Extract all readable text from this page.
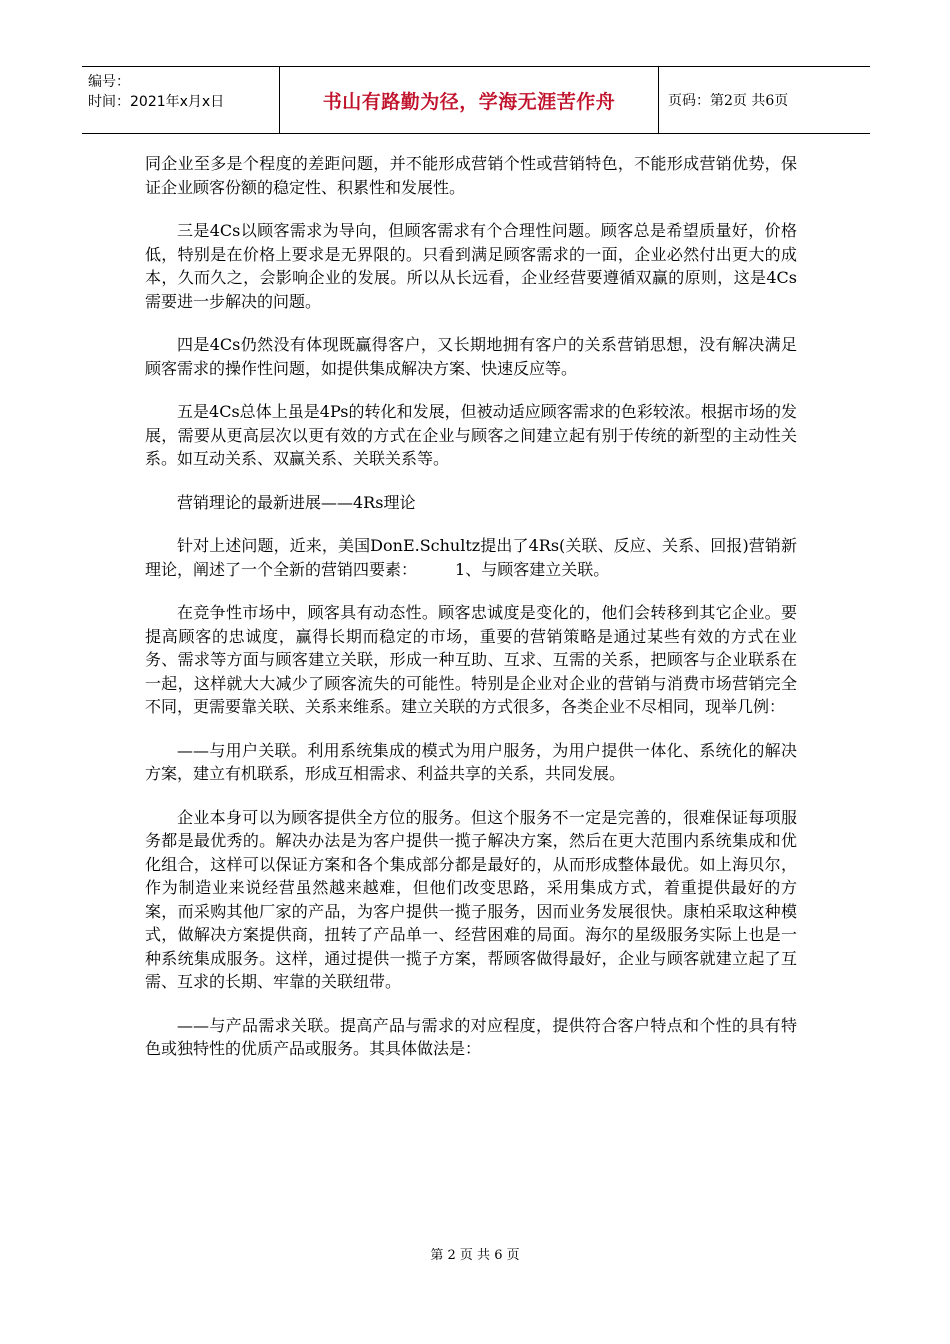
编号：
时间：2021年x月x日	书山有路勤为径，学海无涯苦作舟	页码：第2页 共6页

同企业至多是个程度的差距问题，并不能形成营销个性或营销特色，不能形成营销优势，保证企业顾客份额的稳定性、积累性和发展性。

三是4Cs以顾客需求为导向，但顾客需求有个合理性问题。顾客总是希望质量好，价格低，特别是在价格上要求是无界限的。只看到满足顾客需求的一面，企业必然付出更大的成本，久而久之，会影响企业的发展。所以从长远看，企业经营要遵循双赢的原则，这是4Cs需要进一步解决的问题。

四是4Cs仍然没有体现既赢得客户，又长期地拥有客户的关系营销思想，没有解决满足顾客需求的操作性问题，如提供集成解决方案、快速反应等。

五是4Cs总体上虽是4Ps的转化和发展，但被动适应顾客需求的色彩较浓。根据市场的发展，需要从更高层次以更有效的方式在企业与顾客之间建立起有别于传统的新型的主动性关系。如互动关系、双赢关系、关联关系等。

营销理论的最新进展——4Rs理论

针对上述问题，近来，美国DonE.Schultz提出了4Rs(关联、反应、关系、回报)营销新理论，阐述了一个全新的营销四要素： 1、与顾客建立关联。

在竞争性市场中，顾客具有动态性。顾客忠诚度是变化的，他们会转移到其它企业。要提高顾客的忠诚度，赢得长期而稳定的市场，重要的营销策略是通过某些有效的方式在业务、需求等方面与顾客建立关联，形成一种互助、互求、互需的关系，把顾客与企业联系在一起，这样就大大减少了顾客流失的可能性。特别是企业对企业的营销与消费市场营销完全不同，更需要靠关联、关系来维系。建立关联的方式很多，各类企业不尽相同，现举几例：

——与用户关联。利用系统集成的模式为用户服务，为用户提供一体化、系统化的解决方案，建立有机联系，形成互相需求、利益共享的关系，共同发展。

企业本身可以为顾客提供全方位的服务。但这个服务不一定是完善的，很难保证每项服务都是最优秀的。解决办法是为客户提供一揽子解决方案，然后在更大范围内系统集成和优化组合，这样可以保证方案和各个集成部分都是最好的，从而形成整体最优。如上海贝尔，作为制造业来说经营虽然越来越难，但他们改变思路，采用集成方式，着重提供最好的方案，而采购其他厂家的产品，为客户提供一揽子服务，因而业务发展很快。康柏采取这种模式，做解决方案提供商，扭转了产品单一、经营困难的局面。海尔的星级服务实际上也是一种系统集成服务。这样，通过提供一揽子方案，帮顾客做得最好，企业与顾客就建立起了互需、互求的长期、牢靠的关联纽带。

——与产品需求关联。提高产品与需求的对应程度，提供符合客户特点和个性的具有特色或独特性的优质产品或服务。其具体做法是：

第 2 页 共 6 页
